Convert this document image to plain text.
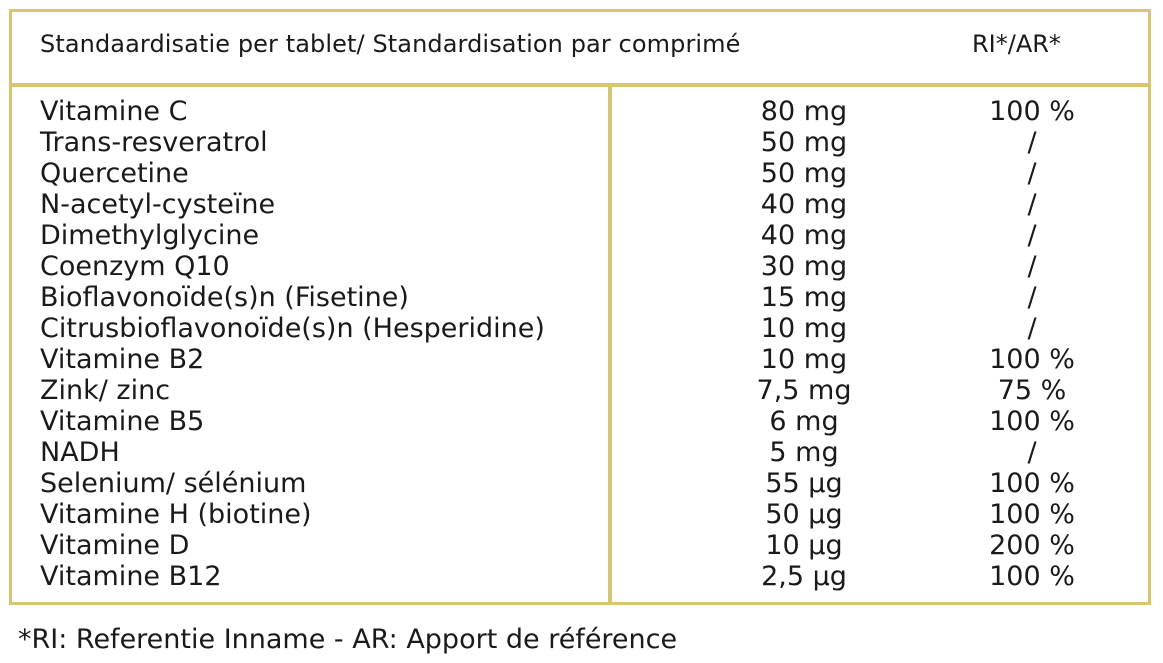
Standaardisatie per tablet/ Standardisation par comprimé	RI*/AR*
Vitamine C	80 mg	100 %
Trans-resveratrol	50 mg	/
Quercetine	50 mg	/
N-acetyl-cysteïne	40 mg	/
Dimethylglycine	40 mg	/
Coenzym Q10	30 mg	/
Bioflavonoïde(s)n (Fisetine)	15 mg	/
Citrusbioflavonoïde(s)n (Hesperidine)	10 mg	/
Vitamine B2	10 mg	100 %
Zink/ zinc	7,5 mg	75 %
Vitamine B5	6 mg	100 %
NADH	5 mg	/
Selenium/ sélénium	55 µg	100 %
Vitamine H (biotine)	50 µg	100 %
Vitamine D	10 µg	200 %
Vitamine B12	2,5 µg	100 %
*RI: Referentie Inname - AR: Apport de référence
